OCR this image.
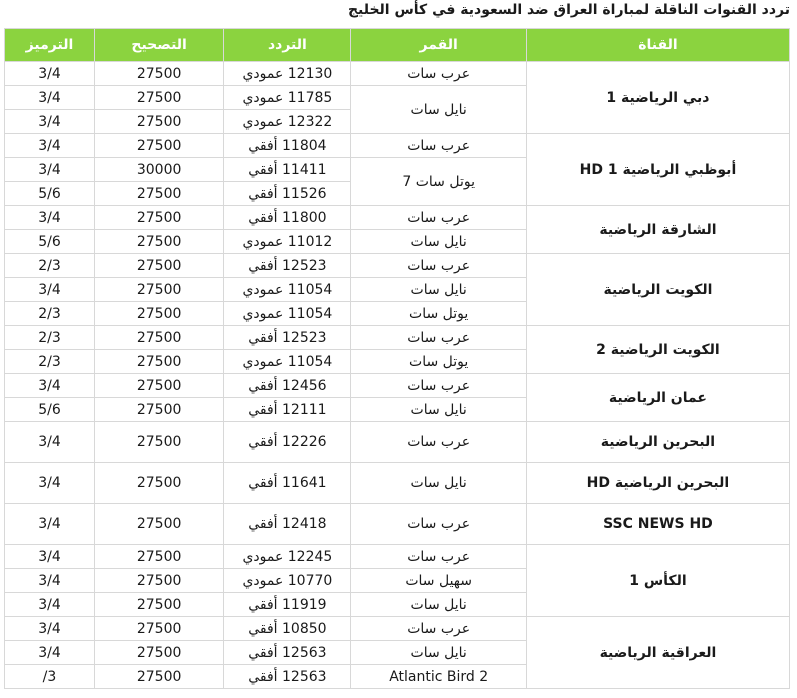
تردد القنوات الناقلة لمباراة العراق ضد السعودية في كأس الخليج
القناة	القمر	التردد	التصحيح	الترميز
دبي الرياضية 1	عرب سات	12130 عمودي	27500	3/4
	نايل سات	11785 عمودي	27500	3/4
		12322 عمودي	27500	3/4
أبوظبي الرياضية HD 1	عرب سات	11804 أفقي	27500	3/4
	يوتل سات 7	11411 أفقي	30000	3/4
		11526 أفقي	27500	5/6
الشارقة الرياضية	عرب سات	11800 أفقي	27500	3/4
	نايل سات	11012 عمودي	27500	5/6
الكويت الرياضية	عرب سات	12523 أفقي	27500	2/3
	نايل سات	11054 عمودي	27500	3/4
	يوتل سات	11054 عمودي	27500	2/3
الكويت الرياضية 2	عرب سات	12523 أفقي	27500	2/3
	يوتل سات	11054 عمودي	27500	2/3
عمان الرياضية	عرب سات	12456 أفقي	27500	3/4
	نايل سات	12111 أفقي	27500	5/6
البحرين الرياضية	عرب سات	12226 أفقي	27500	3/4
البحرين الرياضية HD	نايل سات	11641 أفقي	27500	3/4
SSC NEWS HD	عرب سات	12418 أفقي	27500	3/4
الكأس 1	عرب سات	12245 عمودي	27500	3/4
	سهيل سات	10770 عمودي	27500	3/4
	نايل سات	11919 أفقي	27500	3/4
العراقية الرياضية	عرب سات	10850 أفقي	27500	3/4
	نايل سات	12563 أفقي	27500	3/4
	Atlantic Bird 2	12563 أفقي	27500	3/
